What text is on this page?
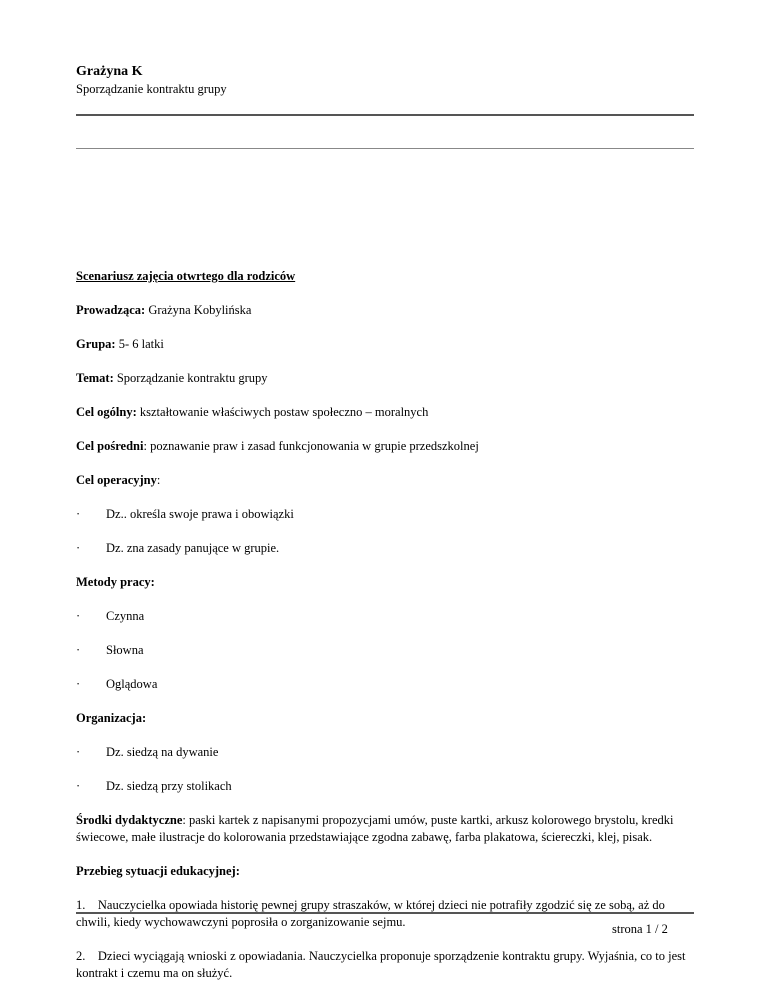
Grażyna K
Sporządzanie kontraktu grupy

Scenariusz zajęcia otwrtego dla rodziców

Prowadząca: Grażyna Kobylińska

Grupa: 5- 6 latki

Temat: Sporządzanie kontraktu grupy

Cel ogólny: kształtowanie właściwych postaw społeczno – moralnych

Cel pośredni: poznawanie praw i zasad funkcjonowania w grupie przedszkolnej

Cel operacyjny:

·	Dz.. określa swoje prawa i obowiązki
·	Dz. zna zasady panujące w grupie.

Metody pracy:

·	Czynna
·	Słowna
·	Oglądowa

Organizacja:

·	Dz. siedzą na dywanie
·	Dz. siedzą przy stolikach

Środki dydaktyczne: paski kartek z napisanymi propozycjami umów, puste kartki, arkusz kolorowego brystolu, kredki świecowe, małe ilustracje do kolorowania przedstawiające zgodna zabawę, farba plakatowa, ściereczki, klej, pisak.

Przebieg sytuacji edukacyjnej:

1.    Nauczycielka opowiada historię pewnej grupy straszaków, w której dzieci nie potrafiły zgodzić się ze sobą, aż do chwili, kiedy wychowawczyni poprosiła o zorganizowanie sejmu.

2.    Dzieci wyciągają wnioski z opowiadania. Nauczycielka proponuje sporządzenie kontraktu grupy. Wyjaśnia, co to jest kontrakt i czemu ma on służyć.

strona 1 / 2
